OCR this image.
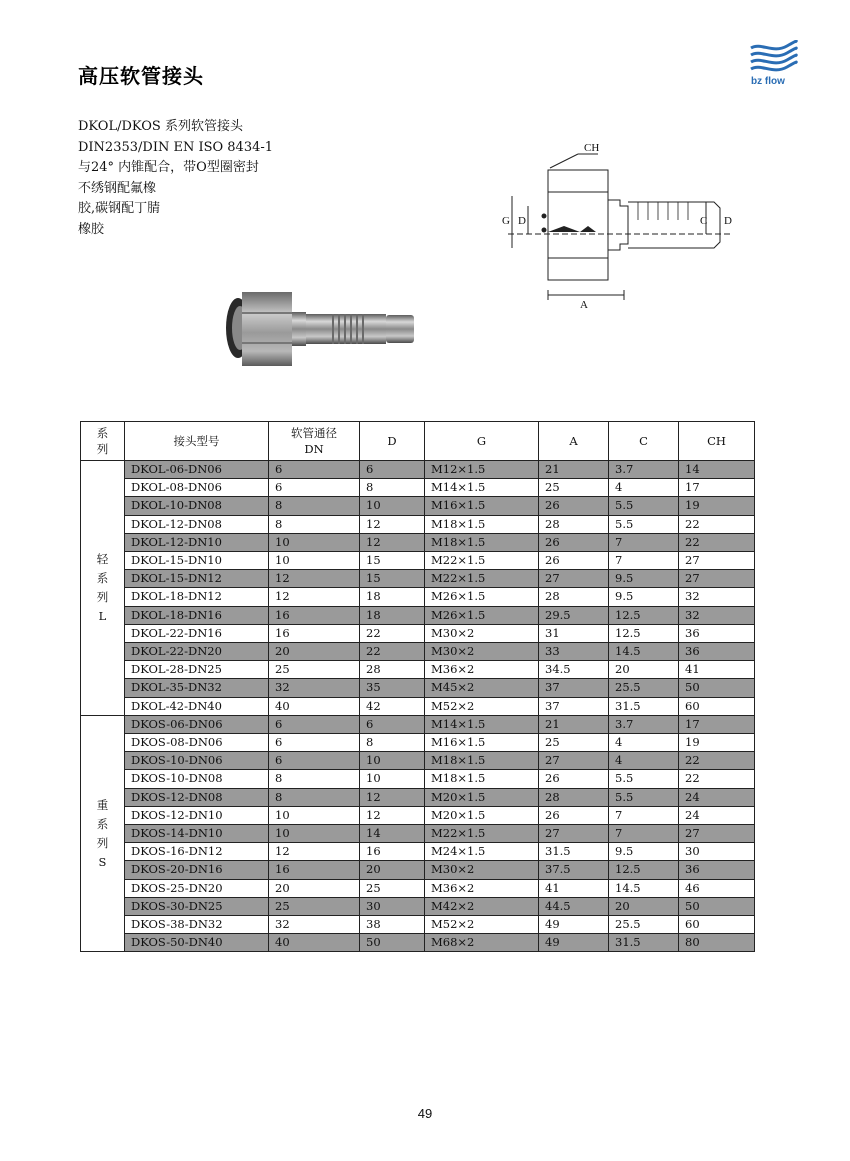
高压软管接头	bz flow
DKOL/DKOS 系列软管接头
DIN2353/DIN EN ISO 8434-1
与24° 内锥配合，带O型圈密封
不绣钢配氟橡
胶,碳钢配丁腈
橡胶
CH
G D	C D
A
系
列	接头型号	软管通径
DN	D	G	A	C	CH
轻
系
列
L	DKOL-06-DN06	6	6	M12×1.5	21	3.7	14
	DKOL-08-DN06	6	8	M14×1.5	25	4	17
	DKOL-10-DN08	8	10	M16×1.5	26	5.5	19
	DKOL-12-DN08	8	12	M18×1.5	28	5.5	22
	DKOL-12-DN10	10	12	M18×1.5	26	7	22
	DKOL-15-DN10	10	15	M22×1.5	26	7	27
	DKOL-15-DN12	12	15	M22×1.5	27	9.5	27
	DKOL-18-DN12	12	18	M26×1.5	28	9.5	32
	DKOL-18-DN16	16	18	M26×1.5	29.5	12.5	32
	DKOL-22-DN16	16	22	M30×2	31	12.5	36
	DKOL-22-DN20	20	22	M30×2	33	14.5	36
	DKOL-28-DN25	25	28	M36×2	34.5	20	41
	DKOL-35-DN32	32	35	M45×2	37	25.5	50
	DKOL-42-DN40	40	42	M52×2	37	31.5	60
重
系
列
S	DKOS-06-DN06	6	6	M14×1.5	21	3.7	17
	DKOS-08-DN06	6	8	M16×1.5	25	4	19
	DKOS-10-DN06	6	10	M18×1.5	27	4	22
	DKOS-10-DN08	8	10	M18×1.5	26	5.5	22
	DKOS-12-DN08	8	12	M20×1.5	28	5.5	24
	DKOS-12-DN10	10	12	M20×1.5	26	7	24
	DKOS-14-DN10	10	14	M22×1.5	27	7	27
	DKOS-16-DN12	12	16	M24×1.5	31.5	9.5	30
	DKOS-20-DN16	16	20	M30×2	37.5	12.5	36
	DKOS-25-DN20	20	25	M36×2	41	14.5	46
	DKOS-30-DN25	25	30	M42×2	44.5	20	50
	DKOS-38-DN32	32	38	M52×2	49	25.5	60
	DKOS-50-DN40	40	50	M68×2	49	31.5	80
49
